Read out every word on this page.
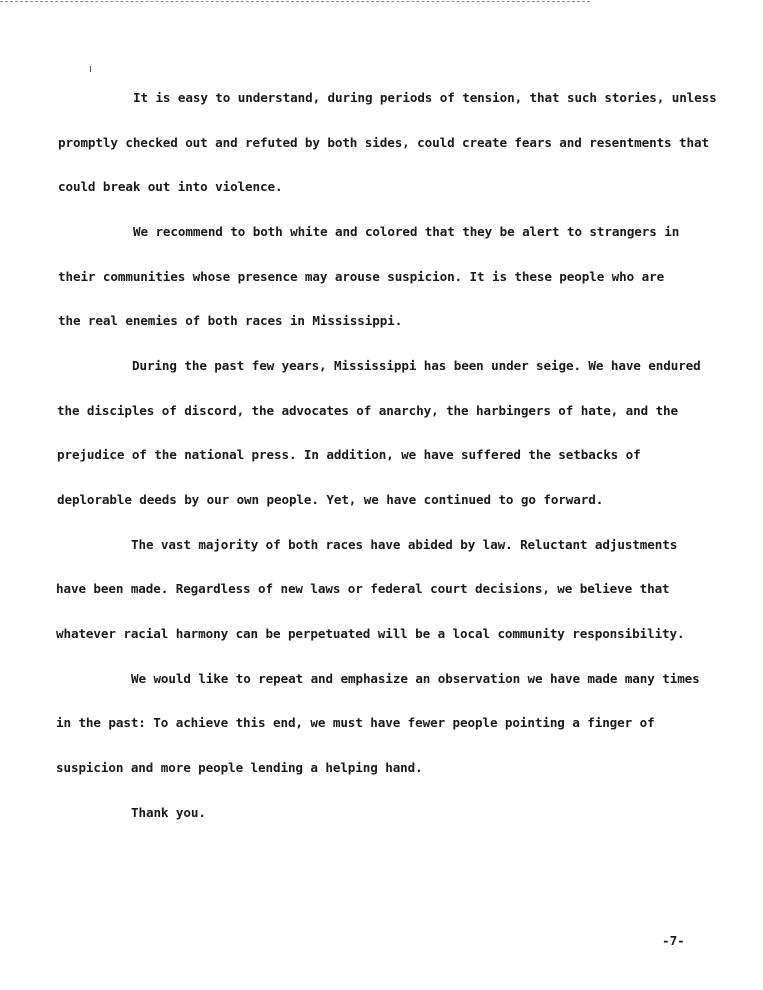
It is easy to understand, during periods of tension, that such stories, unless
promptly checked out and refuted by both sides, could create fears and resentments that
could break out into violence.
We recommend to both white and colored that they be alert to strangers in
their communities whose presence may arouse suspicion. It is these people who are
the real enemies of both races in Mississippi.
During the past few years, Mississippi has been under seige. We have endured
the disciples of discord, the advocates of anarchy, the harbingers of hate, and the
prejudice of the national press. In addition, we have suffered the setbacks of
deplorable deeds by our own people. Yet, we have continued to go forward.
The vast majority of both races have abided by law. Reluctant adjustments
have been made. Regardless of new laws or federal court decisions, we believe that
whatever racial harmony can be perpetuated will be a local community responsibility.
We would like to repeat and emphasize an observation we have made many times
in the past: To achieve this end, we must have fewer people pointing a finger of
suspicion and more people lending a helping hand.
Thank you.
-7-
